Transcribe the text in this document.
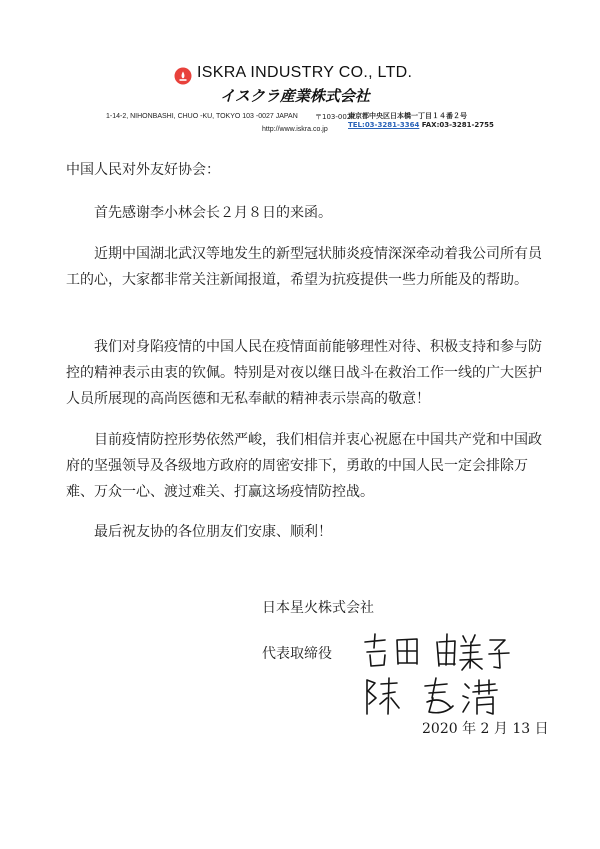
ISKRA INDUSTRY CO., LTD.
イスクラ産業株式会社
1-14-2, NIHONBASHI, CHUO -KU, TOKYO 103 -0027 JAPAN 〒103-0027
東京都中央区日本橋一丁目１４番２号
TEL:03-3281-3364 FAX:03-3281-2755
http://www.iskra.co.jp
中国人民对外友好协会：
首先感谢李小林会长２月８日的来函。
近期中国湖北武汉等地发生的新型冠状肺炎疫情深深牵动着我公司所有员工的心，大家都非常关注新闻报道，希望为抗疫提供一些力所能及的帮助。
我们对身陷疫情的中国人民在疫情面前能够理性对待、积极支持和参与防控的精神表示由衷的钦佩。特别是对夜以继日战斗在救治工作一线的广大医护人员所展现的高尚医德和无私奉献的精神表示崇高的敬意！
目前疫情防控形势依然严峻，我们相信并衷心祝愿在中国共产党和中国政府的坚强领导及各级地方政府的周密安排下，勇敢的中国人民一定会排除万难、万众一心、渡过难关、打赢这场疫情防控战。
最后祝友协的各位朋友们安康、顺利！
日本星火株式会社
代表取缔役
2020 年 2 月 13 日
